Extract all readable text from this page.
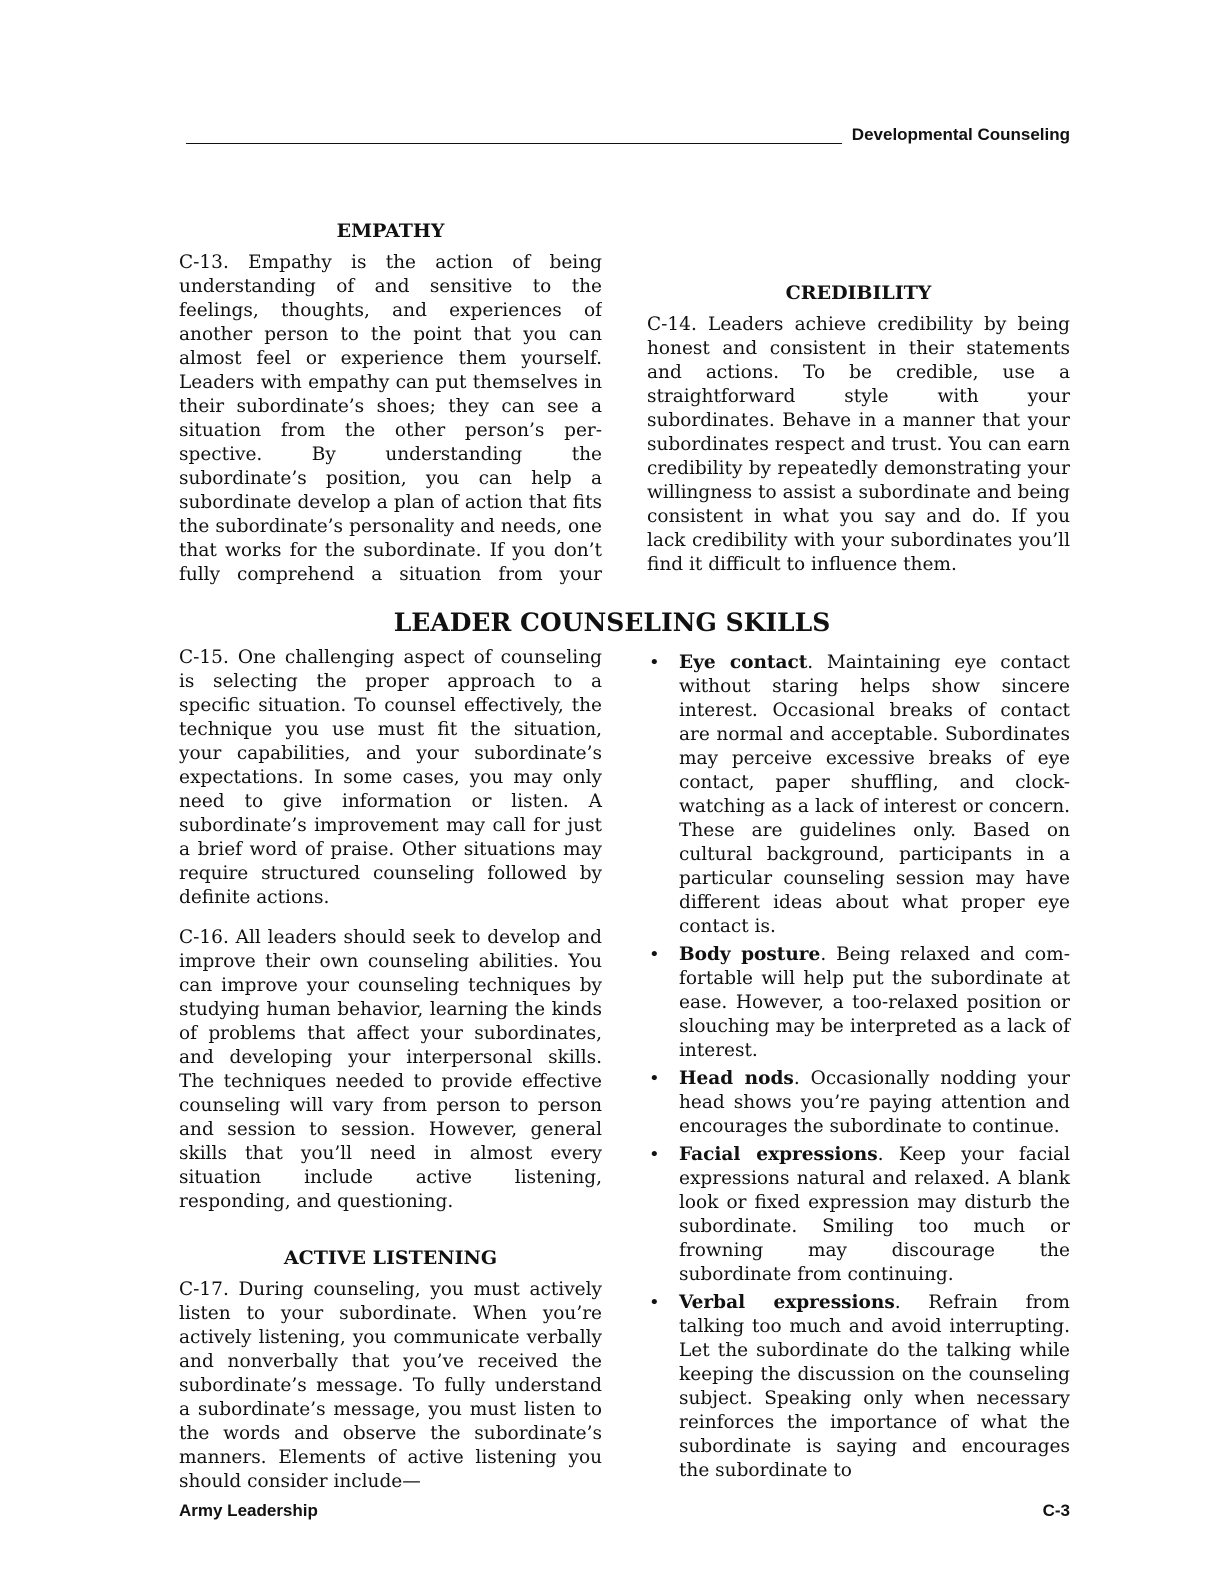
Developmental Counseling
EMPATHY

C-13. Empathy is the action of being understanding of and sensitive to the feelings, thoughts, and experiences of another person to the point that you can almost feel or experience them yourself. Leaders with empathy can put themselves in their subordinate’s shoes; they can see a situation from the other person’s perspective. By understanding the subordinate’s position, you can help a subordinate develop a plan of action that fits the subordinate’s personality and needs, one that works for the subordinate. If you don’t fully comprehend a situation from your

CREDIBILITY

C-14. Leaders achieve credibility by being honest and consistent in their statements and actions. To be credible, use a straightforward style with your subordinates. Behave in a manner that your subordinates respect and trust. You can earn credibility by repeatedly demonstrating your willingness to assist a subordinate and being consistent in what you say and do. If you lack credibility with your subordinates you’ll find it difficult to influence them.

LEADER COUNSELING SKILLS

C-15. One challenging aspect of counseling is selecting the proper approach to a specific situation. To counsel effectively, the technique you use must fit the situation, your capabilities, and your subordinate’s expectations. In some cases, you may only need to give information or listen. A subordinate’s improvement may call for just a brief word of praise. Other situations may require structured counseling followed by definite actions.

C-16. All leaders should seek to develop and improve their own counseling abilities. You can improve your counseling techniques by studying human behavior, learning the kinds of problems that affect your subordinates, and developing your interpersonal skills. The techniques needed to provide effective counseling will vary from person to person and session to session. However, general skills that you’ll need in almost every situation include active listening, responding, and questioning.

ACTIVE LISTENING

C-17. During counseling, you must actively listen to your subordinate. When you’re actively listening, you communicate verbally and nonverbally that you’ve received the subordinate’s message. To fully understand a subordinate’s message, you must listen to the words and observe the subordinate’s manners. Elements of active listening you should consider include—

• Eye contact. Maintaining eye contact without staring helps show sincere interest. Occasional breaks of contact are normal and acceptable. Subordinates may perceive excessive breaks of eye contact, paper shuffling, and clock-watching as a lack of interest or concern. These are guidelines only. Based on cultural background, participants in a particular counseling session may have different ideas about what proper eye contact is.
• Body posture. Being relaxed and comfortable will help put the subordinate at ease. However, a too-relaxed position or slouching may be interpreted as a lack of interest.
• Head nods. Occasionally nodding your head shows you’re paying attention and encourages the subordinate to continue.
• Facial expressions. Keep your facial expressions natural and relaxed. A blank look or fixed expression may disturb the subordinate. Smiling too much or frowning may discourage the subordinate from continuing.
• Verbal expressions. Refrain from talking too much and avoid interrupting. Let the subordinate do the talking while keeping the discussion on the counseling subject. Speaking only when necessary reinforces the importance of what the subordinate is saying and encourages the subordinate to
Army Leadership	C-3
